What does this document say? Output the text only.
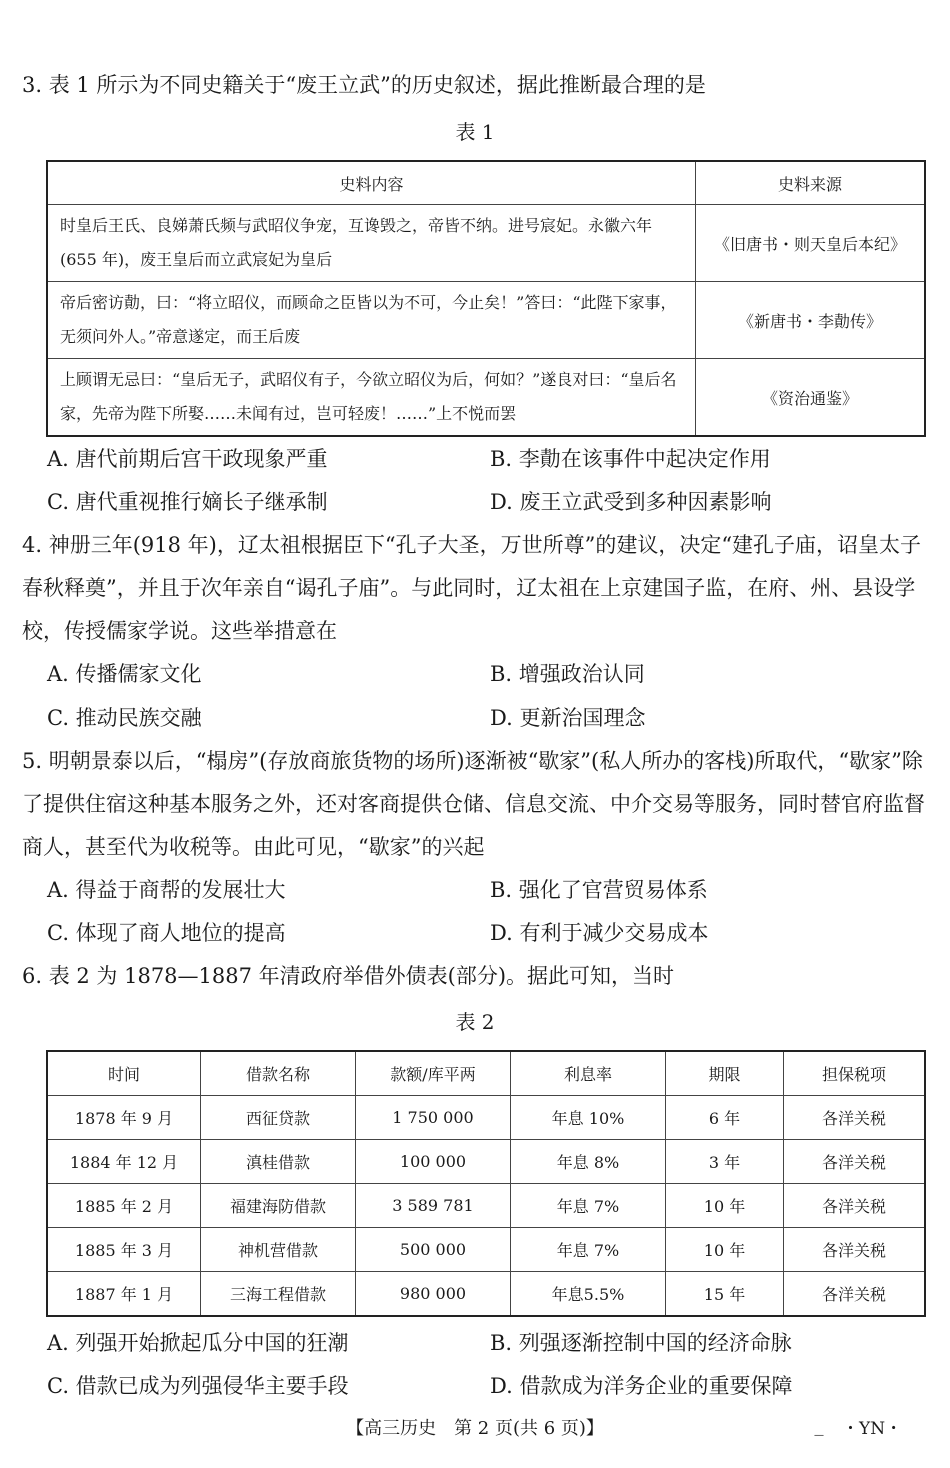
3. 表 1 所示为不同史籍关于“废王立武”的历史叙述，据此推断最合理的是
表 1
史料内容	史料来源
时皇后王氏、良娣萧氏频与武昭仪争宠，互谗毁之，帝皆不纳。进号宸妃。永徽六年(655 年)，废王皇后而立武宸妃为皇后	《旧唐书・则天皇后本纪》
帝后密访勣，曰：“将立昭仪，而顾命之臣皆以为不可，今止矣！”答曰：“此陛下家事，无须问外人。”帝意遂定，而王后废	《新唐书・李勣传》
上顾谓无忌曰：“皇后无子，武昭仪有子，今欲立昭仪为后，何如？”遂良对曰：“皇后名家，先帝为陛下所娶……未闻有过，岂可轻废！……”上不悦而罢	《资治通鉴》
A. 唐代前期后宫干政现象严重	B. 李勣在该事件中起决定作用
C. 唐代重视推行嫡长子继承制	D. 废王立武受到多种因素影响
4. 神册三年(918 年)，辽太祖根据臣下“孔子大圣，万世所尊”的建议，决定“建孔子庙，诏皇太子春秋释奠”，并且于次年亲自“谒孔子庙”。与此同时，辽太祖在上京建国子监，在府、州、县设学校，传授儒家学说。这些举措意在
A. 传播儒家文化	B. 增强政治认同
C. 推动民族交融	D. 更新治国理念
5. 明朝景泰以后，“榻房”(存放商旅货物的场所)逐渐被“歇家”(私人所办的客栈)所取代，“歇家”除了提供住宿这种基本服务之外，还对客商提供仓储、信息交流、中介交易等服务，同时替官府监督商人，甚至代为收税等。由此可见，“歇家”的兴起
A. 得益于商帮的发展壮大	B. 强化了官营贸易体系
C. 体现了商人地位的提高	D. 有利于减少交易成本
6. 表 2 为 1878—1887 年清政府举借外债表(部分)。据此可知，当时
表 2
时间	借款名称	款额/库平两	利息率	期限	担保税项
1878 年 9 月	西征贷款	1 750 000	年息 10%	6 年	各洋关税
1884 年 12 月	滇桂借款	100 000	年息 8%	3 年	各洋关税
1885 年 2 月	福建海防借款	3 589 781	年息 7%	10 年	各洋关税
1885 年 3 月	神机营借款	500 000	年息 7%	10 年	各洋关税
1887 年 1 月	三海工程借款	980 000	年息5.5%	15 年	各洋关税
A. 列强开始掀起瓜分中国的狂潮	B. 列强逐渐控制中国的经济命脉
C. 借款已成为列强侵华主要手段	D. 借款成为洋务企业的重要保障
【高三历史　第 2 页(共 6 页)】	— ・YN・
